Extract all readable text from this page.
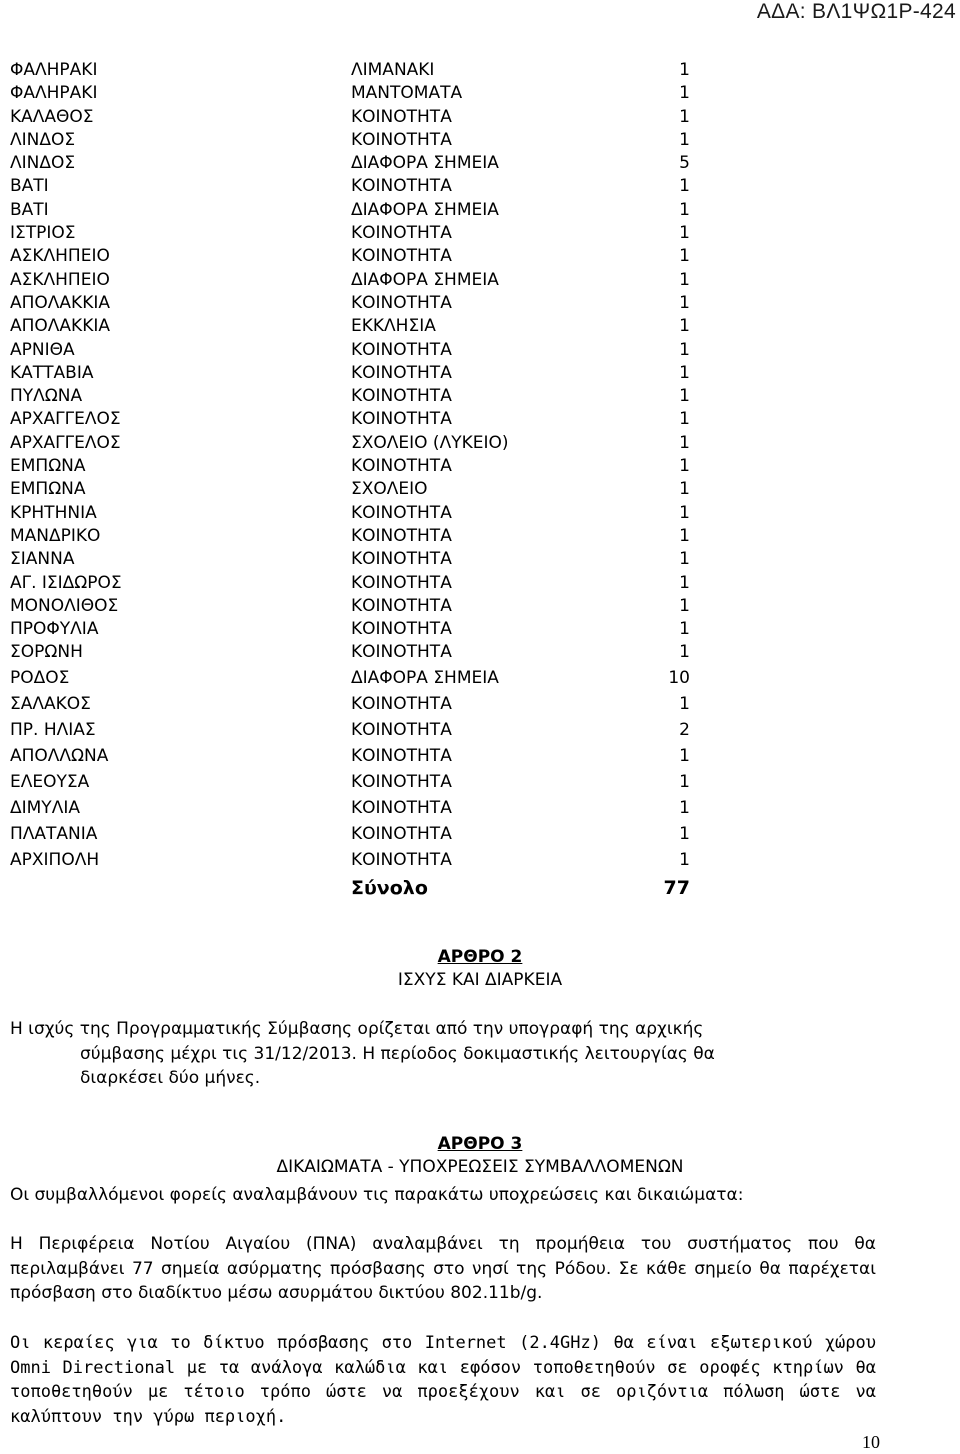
ΑΔΑ: ΒΛ1ΨΩ1Ρ-424
ΦΑΛΗΡΑΚΙ	ΛΙΜΑΝΑΚΙ	1
ΦΑΛΗΡΑΚΙ	ΜΑΝΤΟΜΑΤΑ	1
ΚΑΛΑΘΟΣ	ΚΟΙΝΟΤΗΤΑ	1
ΛΙΝΔΟΣ	ΚΟΙΝΟΤΗΤΑ	1
ΛΙΝΔΟΣ	ΔΙΑΦΟΡΑ ΣΗΜΕΙΑ	5
ΒΑΤΙ	ΚΟΙΝΟΤΗΤΑ	1
ΒΑΤΙ	ΔΙΑΦΟΡΑ ΣΗΜΕΙΑ	1
ΙΣΤΡΙΟΣ	ΚΟΙΝΟΤΗΤΑ	1
ΑΣΚΛΗΠΕΙΟ	ΚΟΙΝΟΤΗΤΑ	1
ΑΣΚΛΗΠΕΙΟ	ΔΙΑΦΟΡΑ ΣΗΜΕΙΑ	1
ΑΠΟΛΑΚΚΙΑ	ΚΟΙΝΟΤΗΤΑ	1
ΑΠΟΛΑΚΚΙΑ	ΕΚΚΛΗΣΙΑ	1
ΑΡΝΙΘΑ	ΚΟΙΝΟΤΗΤΑ	1
ΚΑΤΤΑΒΙΑ	ΚΟΙΝΟΤΗΤΑ	1
ΠΥΛΩΝΑ	ΚΟΙΝΟΤΗΤΑ	1
ΑΡΧΑΓΓΕΛΟΣ	ΚΟΙΝΟΤΗΤΑ	1
ΑΡΧΑΓΓΕΛΟΣ	ΣΧΟΛΕΙΟ (ΛΥΚΕΙΟ)	1
ΕΜΠΩΝΑ	ΚΟΙΝΟΤΗΤΑ	1
ΕΜΠΩΝΑ	ΣΧΟΛΕΙΟ	1
ΚΡΗΤΗΝΙΑ	ΚΟΙΝΟΤΗΤΑ	1
ΜΑΝΔΡΙΚΟ	ΚΟΙΝΟΤΗΤΑ	1
ΣΙΑΝΝΑ	ΚΟΙΝΟΤΗΤΑ	1
ΑΓ. ΙΣΙΔΩΡΟΣ	ΚΟΙΝΟΤΗΤΑ	1
ΜΟΝΟΛΙΘΟΣ	ΚΟΙΝΟΤΗΤΑ	1
ΠΡΟΦΥΛΙΑ	ΚΟΙΝΟΤΗΤΑ	1
ΣΟΡΩΝΗ	ΚΟΙΝΟΤΗΤΑ	1
ΡΟΔΟΣ	ΔΙΑΦΟΡΑ ΣΗΜΕΙΑ	10
ΣΑΛΑΚΟΣ	ΚΟΙΝΟΤΗΤΑ	1
ΠΡ. ΗΛΙΑΣ	ΚΟΙΝΟΤΗΤΑ	2
ΑΠΟΛΛΩΝΑ	ΚΟΙΝΟΤΗΤΑ	1
ΕΛΕΟΥΣΑ	ΚΟΙΝΟΤΗΤΑ	1
ΔΙΜΥΛΙΑ	ΚΟΙΝΟΤΗΤΑ	1
ΠΛΑΤΑΝΙΑ	ΚΟΙΝΟΤΗΤΑ	1
ΑΡΧΙΠΟΛΗ	ΚΟΙΝΟΤΗΤΑ	1
Σύνολο	77
ΑΡΘΡΟ 2
ΙΣΧΥΣ ΚΑΙ ΔΙΑΡΚΕΙΑ
Η ισχύς της Προγραμματικής Σύμβασης ορίζεται από την υπογραφή της αρχικής
σύμβασης μέχρι τις 31/12/2013. Η περίοδος δοκιμαστικής λειτουργίας θα
διαρκέσει δύο μήνες.
ΑΡΘΡΟ 3
ΔΙΚΑΙΩΜΑΤΑ - ΥΠΟΧΡΕΩΣΕΙΣ ΣΥΜΒΑΛΛΟΜΕΝΩΝ
Οι συμβαλλόμενοι φορείς αναλαμβάνουν τις παρακάτω υποχρεώσεις και δικαιώματα:
Η Περιφέρεια Νοτίου Αιγαίου (ΠΝΑ) αναλαμβάνει τη προμήθεια του συστήματος που θα περιλαμβάνει 77 σημεία ασύρματης πρόσβασης στο νησί της Ρόδου. Σε κάθε σημείο θα παρέχεται πρόσβαση στο διαδίκτυο μέσω ασυρμάτου δικτύου 802.11b/g.
Οι κεραίες για το δίκτυο πρόσβασης στο Internet (2.4GHz) θα είναι εξωτερικού χώρου Omni Directional με τα ανάλογα καλώδια και εφόσον τοποθετηθούν σε οροφές κτηρίων θα τοποθετηθούν με τέτοιο τρόπο ώστε να προεξέχουν και σε οριζόντια πόλωση ώστε να καλύπτουν την γύρω περιοχή.
10
